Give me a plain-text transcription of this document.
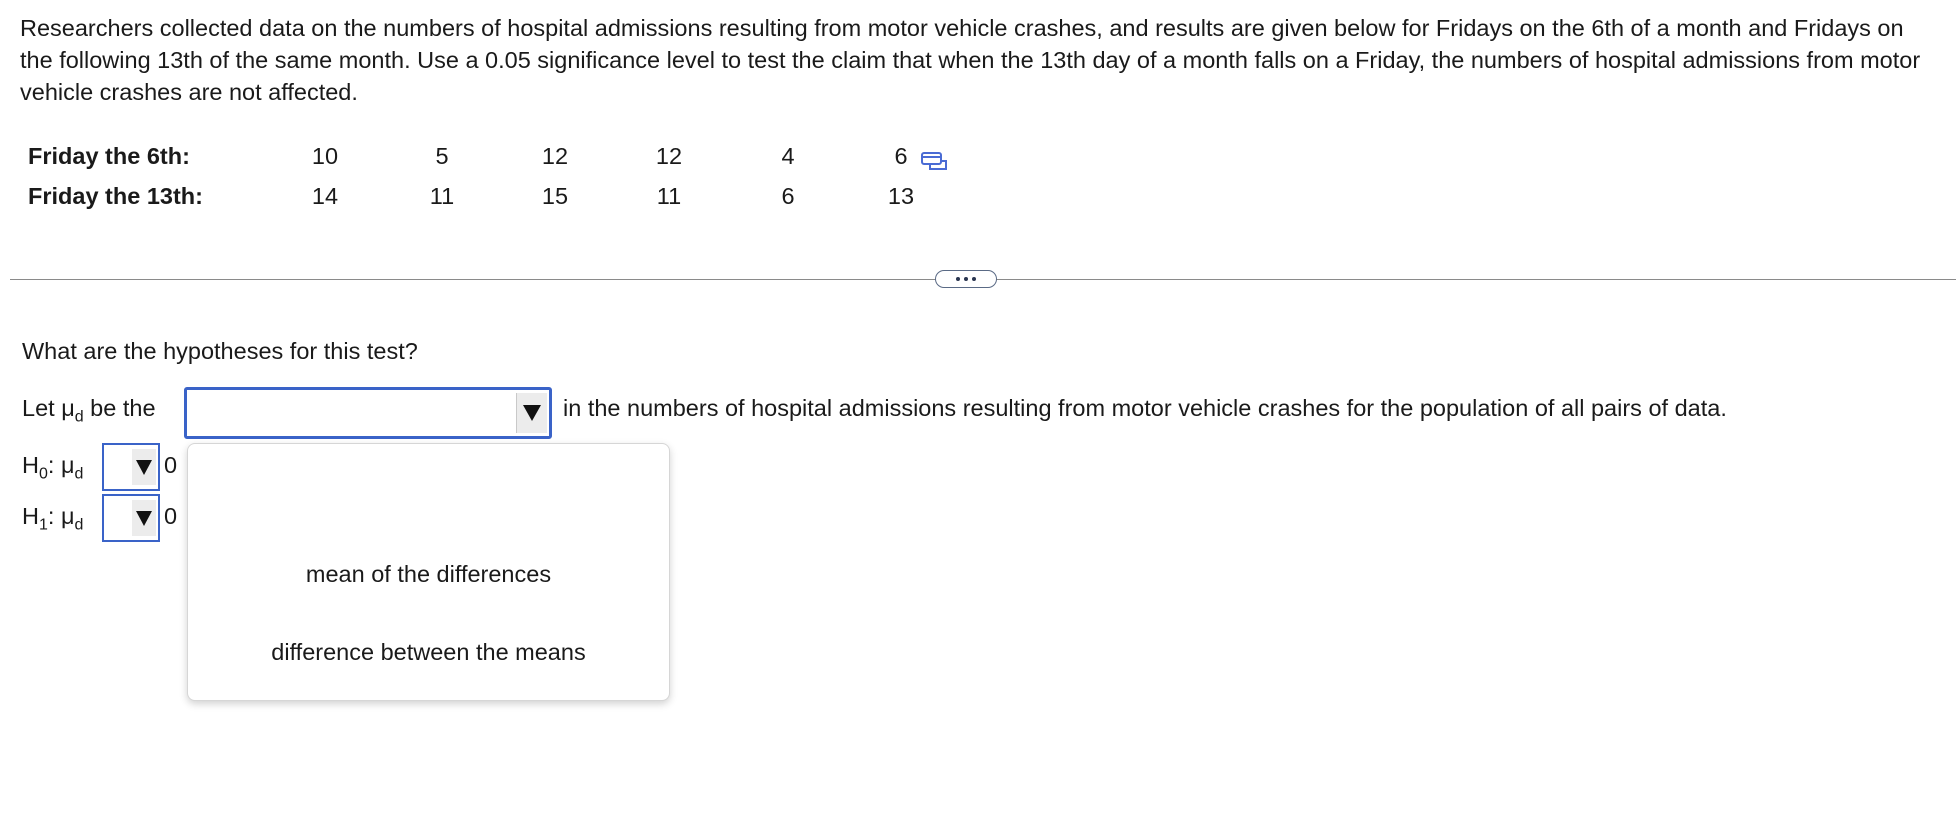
Researchers collected data on the numbers of hospital admissions resulting from motor vehicle crashes, and results are given below for Fridays on the 6th of a month and Fridays on the following 13th of the same month. Use a 0.05 significance level to test the claim that when the 13th day of a month falls on a Friday, the numbers of hospital admissions from motor vehicle crashes are not affected.

Friday the 6th:	10	5	12	12	4	6
Friday the 13th:	14	11	15	11	6	13
What are the hypotheses for this test?
Let $\mu_d$ be the	in the numbers of hospital admissions resulting from motor vehicle crashes for the population of all pairs of data.
$H_0$: $\mu_d$	0
$H_1$: $\mu_d$	0
mean of the differences
difference between the means
